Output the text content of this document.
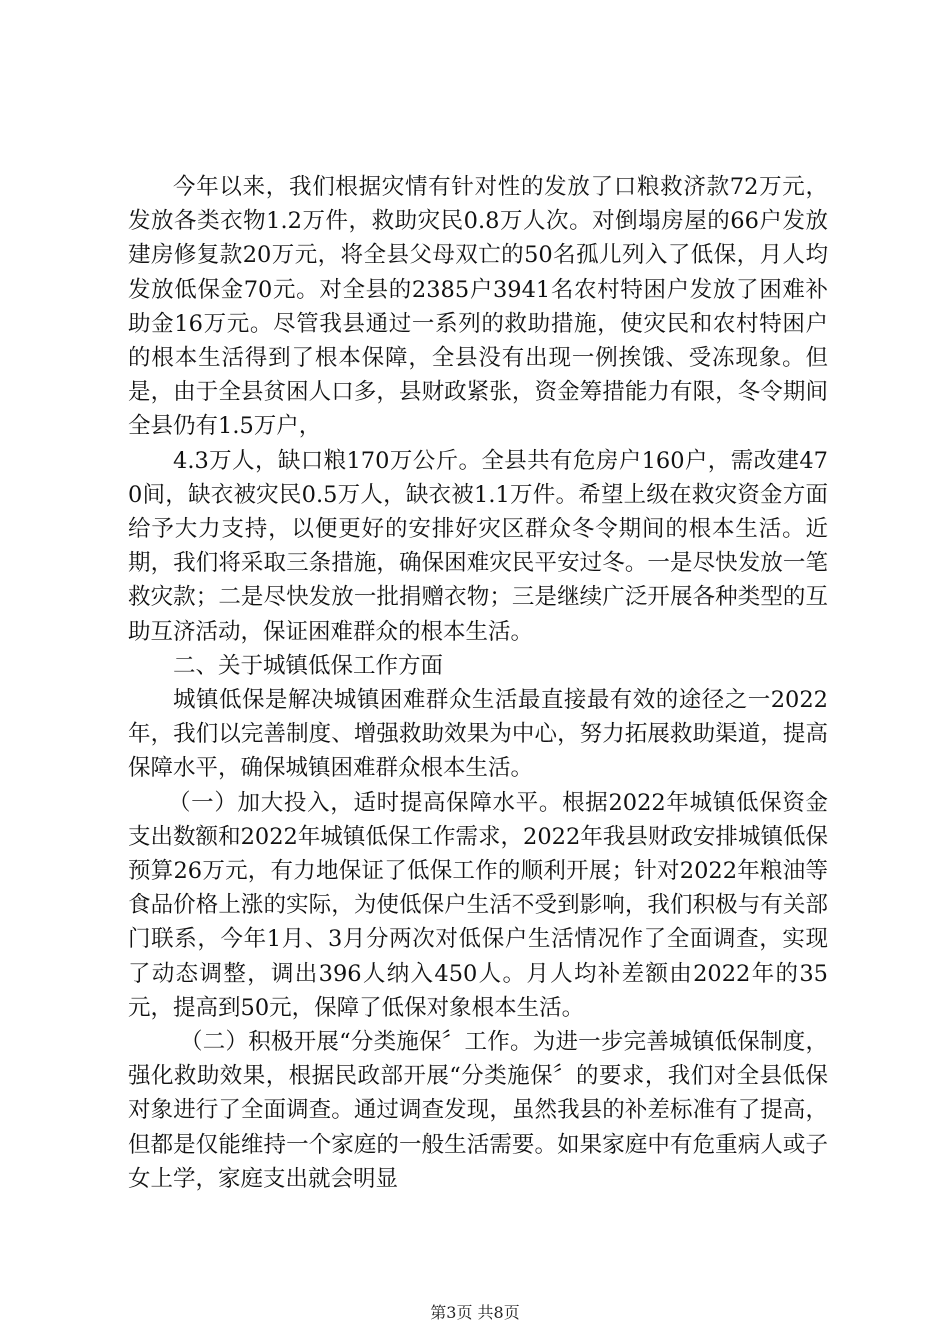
今年以来，我们根据灾情有针对性的发放了口粮救济款72万元，发放各类衣物1.2万件，救助灾民0.8万人次。对倒塌房屋的66户发放建房修复款20万元，将全县父母双亡的50名孤儿列入了低保，月人均发放低保金70元。对全县的2385户3941名农村特困户发放了困难补助金16万元。尽管我县通过一系列的救助措施，使灾民和农村特困户的根本生活得到了根本保障，全县没有出现一例挨饿、受冻现象。但是，由于全县贫困人口多，县财政紧张，资金筹措能力有限，冬令期间全县仍有1.5万户，

4.3万人，缺口粮170万公斤。全县共有危房户160户，需改建470间，缺衣被灾民0.5万人，缺衣被1.1万件。希望上级在救灾资金方面给予大力支持，以便更好的安排好灾区群众冬令期间的根本生活。近期，我们将采取三条措施，确保困难灾民平安过冬。一是尽快发放一笔救灾款；二是尽快发放一批捐赠衣物；三是继续广泛开展各种类型的互助互济活动，保证困难群众的根本生活。

二、关于城镇低保工作方面

城镇低保是解决城镇困难群众生活最直接最有效的途径之一2022年，我们以完善制度、增强救助效果为中心，努力拓展救助渠道，提高保障水平，确保城镇困难群众根本生活。

（一）加大投入，适时提高保障水平。根据2022年城镇低保资金支出数额和2022年城镇低保工作需求，2022年我县财政安排城镇低保预算26万元，有力地保证了低保工作的顺利开展；针对2022年粮油等食品价格上涨的实际，为使低保户生活不受到影响，我们积极与有关部门联系，今年1月、3月分两次对低保户生活情况作了全面调查，实现了动态调整，调出396人纳入450人。月人均补差额由2022年的35元，提高到50元，保障了低保对象根本生活。

（二）积极开展“分类施保〞工作。为进一步完善城镇低保制度，强化救助效果，根据民政部开展“分类施保〞的要求，我们对全县低保对象进行了全面调查。通过调查发现，虽然我县的补差标准有了提高，但都是仅能维持一个家庭的一般生活需要。如果家庭中有危重病人或子女上学，家庭支出就会明显

第3页 共8页
